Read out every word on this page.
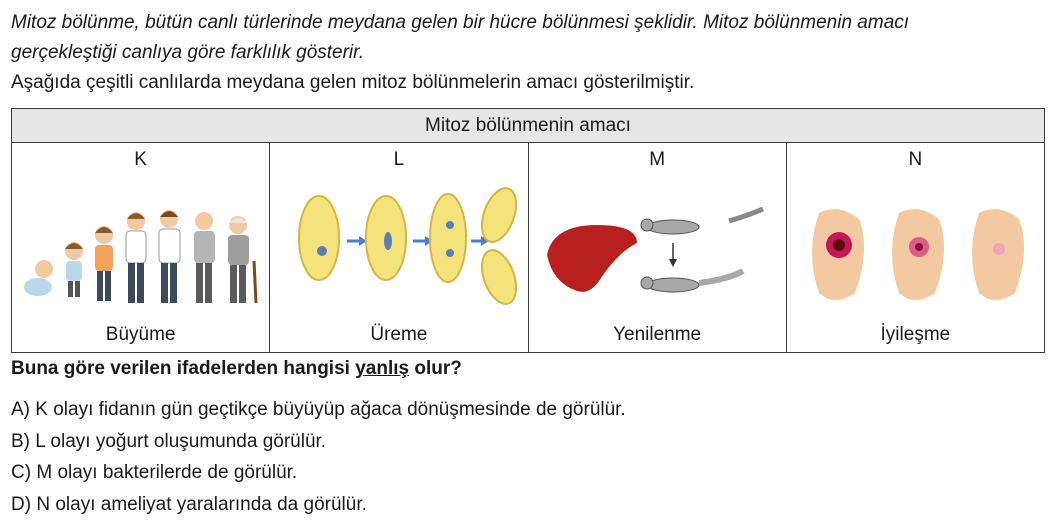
Mitoz bölünme, bütün canlı türlerinde meydana gelen bir hücre bölünmesi şeklidir. Mitoz bölünmenin amacı

gerçekleştiği canlıya göre farklılık gösterir.

Aşağıda çeşitli canlılarda meydana gelen mitoz bölünmelerin amacı gösterilmiştir.

Mitoz bölünmenin amacı

K
Büyüme

L
Üreme

M
Yenilenme

N
İyileşme
Buna göre verilen ifadelerden hangisi yanlış olur?
A) K olayı fidanın gün geçtikçe büyüyüp ağaca dönüşmesinde de görülür.
B) L olayı yoğurt oluşumunda görülür.
C) M olayı bakterilerde de görülür.
D) N olayı ameliyat yaralarında da görülür.
